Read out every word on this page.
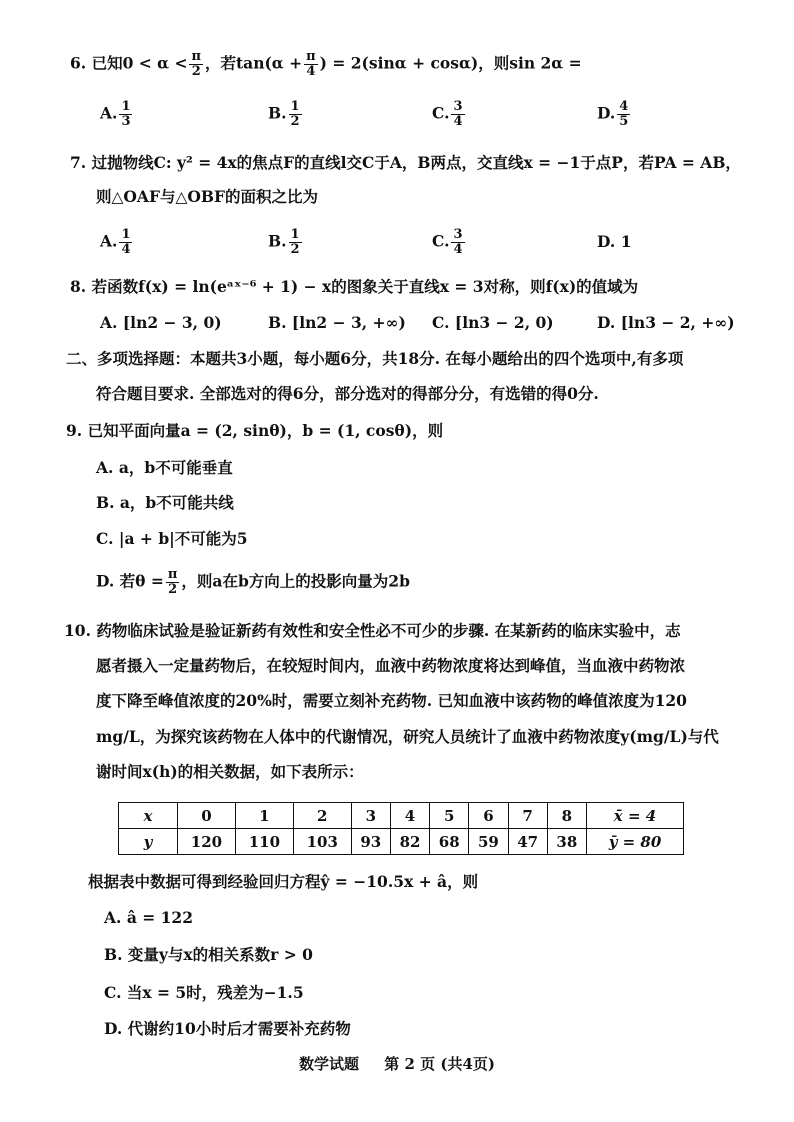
6. 已知$0 < \alpha < \frac{\pi}{2}$ ，若$\tan(\alpha + \frac{\pi}{4}$ ) = 2(sinα + cosα)，则sin 2α =
A. $\frac{1}{3}$	B. $\frac{1}{2}$	C. $\frac{3}{4}$	D. $\frac{4}{5}$
7. 过抛物线C: y² = 4x的焦点F的直线l交C于A，B两点，交直线x = −1于点P，若PA = AB，
则△OAF与△OBF的面积之比为
A. $\frac{1}{4}$	B. $\frac{1}{2}$	C. $\frac{3}{4}$	D. 1
8. 若函数f(x) = ln(eᵃˣ⁻⁶ + 1) − x的图象关于直线x = 3对称，则f(x)的值域为
A. [ln2 − 3, 0)	B. [ln2 − 3, +∞) C. [ln3 − 2, 0)	D. [ln3 − 2, +∞)
二、多项选择题：本题共3小题，每小题6分，共18分. 在每小题给出的四个选项中,有多项
符合题目要求. 全部选对的得6分，部分选对的得部分分，有选错的得0分.
9. 已知平面向量a = (2, sinθ)，b = (1, cosθ)，则
A. a，b不可能垂直
B. a，b不可能共线
C. |a + b|不可能为5
D. 若$\theta = \frac{\pi}{2}$ ，则a在b方向上的投影向量为2b
10. 药物临床试验是验证新药有效性和安全性必不可少的步骤. 在某新药的临床实验中，志
愿者摄入一定量药物后，在较短时间内，血液中药物浓度将达到峰值，当血液中药物浓
度下降至峰值浓度的20%时，需要立刻补充药物. 已知血液中该药物的峰值浓度为120
mg/L，为探究该药物在人体中的代谢情况，研究人员统计了血液中药物浓度y(mg/L)与代
谢时间x(h)的相关数据，如下表所示：
x	0	1	2	3	4	5	6	7	8	x̄ = 4
y	120	110	103	93	82	68	59	47	38	ȳ = 80
根据表中数据可得到经验回归方程ŷ = −10.5x + â，则
A. â = 122
B. 变量y与x的相关系数r > 0
C. 当x = 5时，残差为−1.5
D. 代谢约10小时后才需要补充药物
数学试题 第 2 页 (共4页)
